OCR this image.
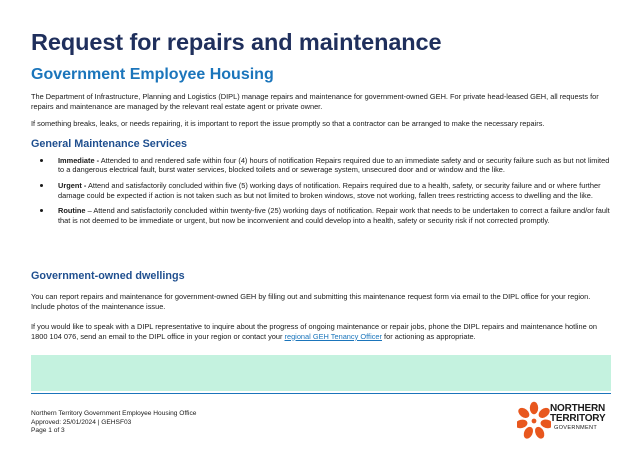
Request for repairs and maintenance
Government Employee Housing

The Department of Infrastructure, Planning and Logistics (DIPL) manage repairs and maintenance for government-owned GEH. For private head-leased GEH, all requests for repairs and maintenance are managed by the relevant real estate agent or private owner.

If something breaks, leaks, or needs repairing, it is important to report the issue promptly so that a contractor can be arranged to make the necessary repairs.

General Maintenance Services
Immediate - Attended to and rendered safe within four (4) hours of notification Repairs required due to an immediate safety and or security failure such as but not limited to a dangerous electrical fault, burst water services, blocked toilets and or sewerage system, unsecured door and or window and the like.
Urgent - Attend and satisfactorily concluded within five (5) working days of notification. Repairs required due to a health, safety, or security failure and or where further damage could be expected if action is not taken such as but not limited to broken windows, stove not working, fallen trees restricting access to dwelling and the like.
Routine – Attend and satisfactorily concluded within twenty-five (25) working days of notification. Repair work that needs to be undertaken to correct a failure and/or fault that is not deemed to be immediate or urgent, but now be inconvenient and could develop into a health, safety or security risk if not corrected promptly.
Government-owned dwellings

You can report repairs and maintenance for government-owned GEH by filling out and submitting this maintenance request form via email to the DIPL office for your region. Include photos of the maintenance issue.

If you would like to speak with a DIPL representative to inquire about the progress of ongoing maintenance or repair jobs, phone the DIPL repairs and maintenance hotline on 1800 104 076, send an email to the DIPL office in your region or contact your regional GEH Tenancy Officer for actioning as appropriate.

Northern Territory Government Employee Housing Office
Approved: 25/01/2024 | GEHSF03
Page 1 of 3
NORTHERN
TERRITORY
GOVERNMENT
